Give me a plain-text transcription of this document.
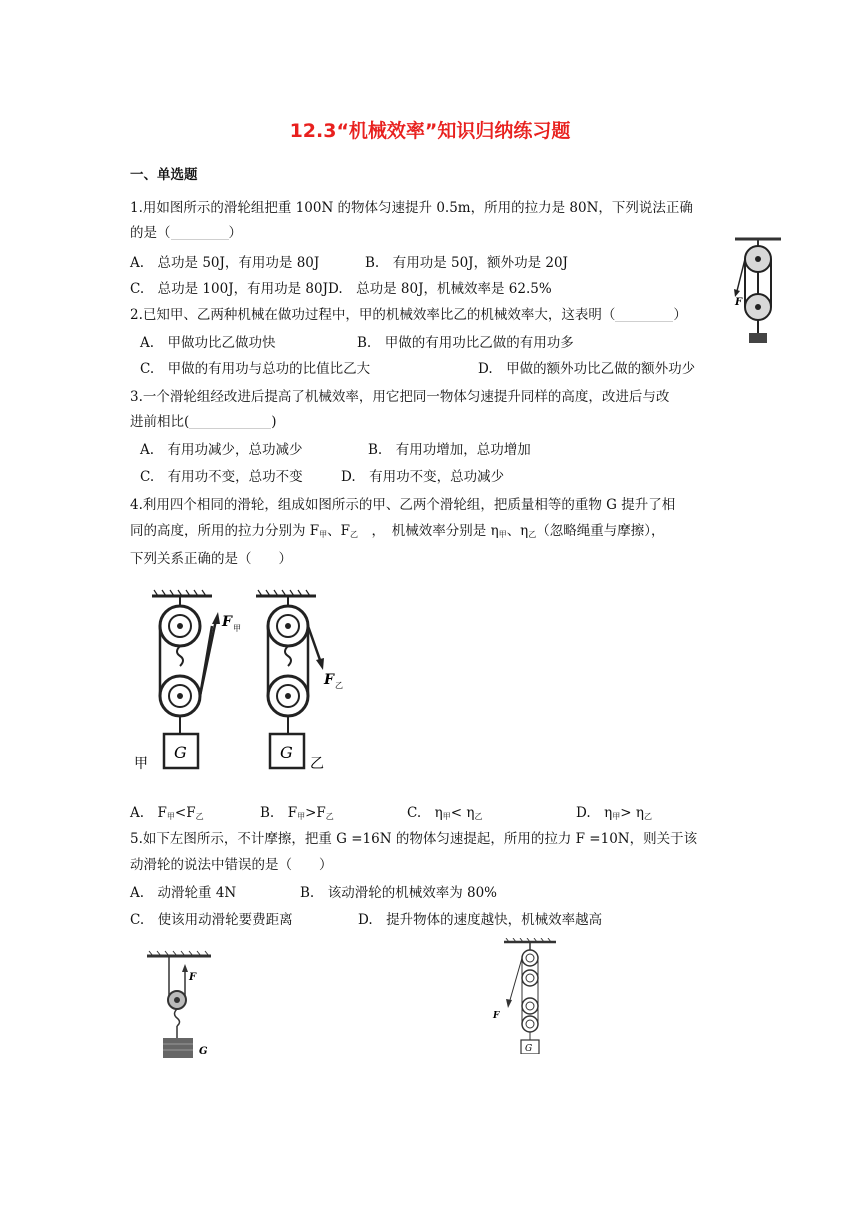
12.3“机械效率”知识归纳练习题
一、单选题
1.用如图所示的滑轮组把重 100N 的物体匀速提升 0.5m，所用的拉力是 80N，下列说法正确
的是（	）
A.　总功是 50J，有用功是 80J	B.　有用功是 50J，额外功是 20J
C.　总功是 100J，有用功是 80JD.　总功是 80J，机械效率是 62.5%
F
2.已知甲、乙两种机械在做功过程中，甲的机械效率比乙的机械效率大，这表明（	）
A.　甲做功比乙做功快	B.　甲做的有用功比乙做的有用功多
C.　甲做的有用功与总功的比值比乙大	D.　甲做的额外功比乙做的额外功少
3.一个滑轮组经改进后提高了机械效率，用它把同一物体匀速提升同样的高度，改进后与改
进前相比(	)
A.　有用功减少，总功减少	B.　有用功增加，总功增加
C.　有用功不变，总功不变	D.　有用功不变，总功减少
4.利用四个相同的滑轮，组成如图所示的甲、乙两个滑轮组，把质量相等的重物 G 提升了相
同的高度，所用的拉力分别为 $F_甲$、$F_乙$　 ，　机械效率分别是 $\eta_甲$、$\eta_乙$（忽略绳重与摩擦），
下列关系正确的是（　　）
F 甲
G
甲
F 乙
G
乙
A.　$F_甲<F_乙$	B.　$F_甲>F_乙$	C.　$\eta_甲< \eta_乙$	D.　$\eta_甲> \eta_乙$
5.如下左图所示，不计摩擦，把重 G =16N 的物体匀速提起，所用的拉力 F =10N，则关于该
动滑轮的说法中错误的是（　　）
A.　动滑轮重 4N	B.　该动滑轮的机械效率为 80%
C.　使该用动滑轮要费距离	D.　提升物体的速度越快，机械效率越高
F
G
F
G
